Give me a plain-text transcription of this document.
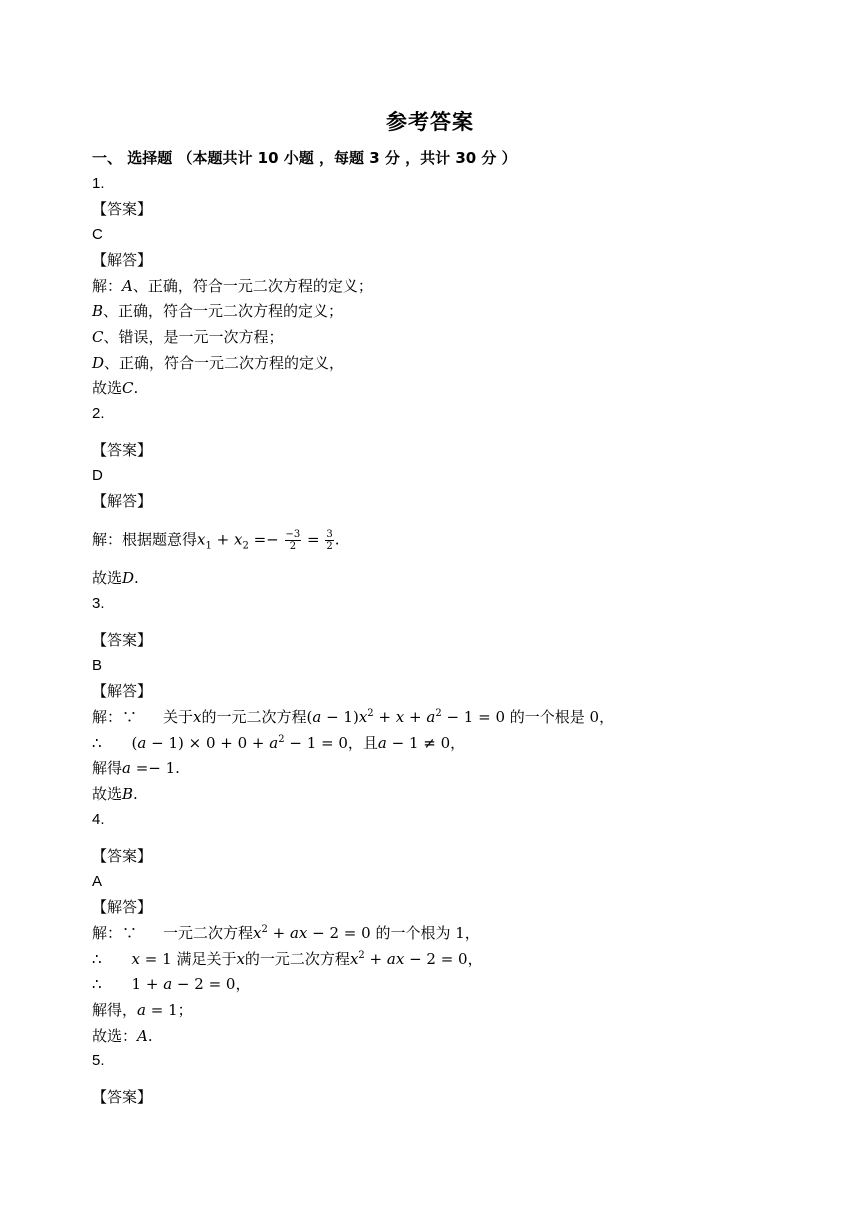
参考答案
一、 选择题 （本题共计 10 小题 ，每题 3 分 ，共计 30 分 ）
1.
【答案】
C
【解答】
解：A、正确，符合一元二次方程的定义；
B、正确，符合一元二次方程的定义；
C、错误，是一元一次方程；
D、正确，符合一元二次方程的定义，
故选C.
2.
【答案】
D
【解答】
解：根据题意得$x_1 + x_2 =- \frac{-3}{2} = \frac{3}{2}$ .
故选D.
3.
【答案】
B
【解答】
解：∵ 关于x的一元二次方程$(a - 1)x^2 + x + a^2 - 1 = 0$ 的一个根是 0，
∴ $(a - 1) \times 0 + 0 + a^2 - 1 = 0$，且a − 1 ≠ 0，
解得a =− 1.
故选B.
4.
【答案】
A
【解答】
解：∵ 一元二次方程$x^2$ + ax − 2 = 0 的一个根为 1，
∴ x = 1 满足关于x的一元二次方程$x^2$ + ax − 2 = 0，
∴ 1 + a − 2 = 0，
解得，a = 1；
故选：A.
5.
【答案】
